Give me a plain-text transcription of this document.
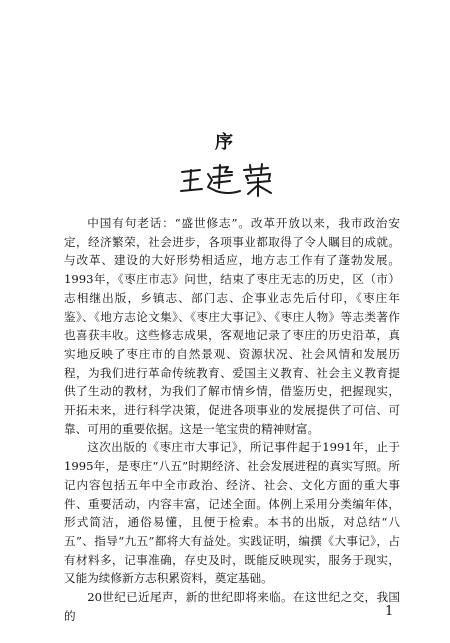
序

中国有句老话：“盛世修志”。改革开放以来，我市政治安定，经济繁荣，社会进步，各项事业都取得了令人瞩目的成就。与改革、建设的大好形势相适应，地方志工作有了蓬勃发展。1993年，《枣庄市志》问世，结束了枣庄无志的历史，区（市）志相继出版，乡镇志、部门志、企事业志先后付印，《枣庄年鉴》、《地方志论文集》、《枣庄大事记》、《枣庄人物》等志类著作也喜获丰收。这些修志成果，客观地记录了枣庄的历史沿革，真实地反映了枣庄市的自然景观、资源状况、社会风情和发展历程，为我们进行革命传统教育、爱国主义教育、社会主义教育提供了生动的教材，为我们了解市情乡情，借鉴历史，把握现实，开拓未来，进行科学决策，促进各项事业的发展提供了可信、可靠、可用的重要依据。这是一笔宝贵的精神财富。

这次出版的《枣庄市大事记》，所记事件起于1991年，止于1995年，是枣庄“八五”时期经济、社会发展进程的真实写照。所记内容包括五年中全市政治、经济、社会、文化方面的重大事件、重要活动，内容丰富，记述全面。体例上采用分类编年体，形式简洁，通俗易懂，且便于检索。本书的出版，对总结“八五”、指导“九五”都将大有益处。实践证明，编撰《大事记》，占有材料多，记事准确，存史及时，既能反映现实，服务于现实，又能为续修新方志积累资料，奠定基础。

20世纪已近尾声，新的世纪即将来临。在这世纪之交，我国的	1
